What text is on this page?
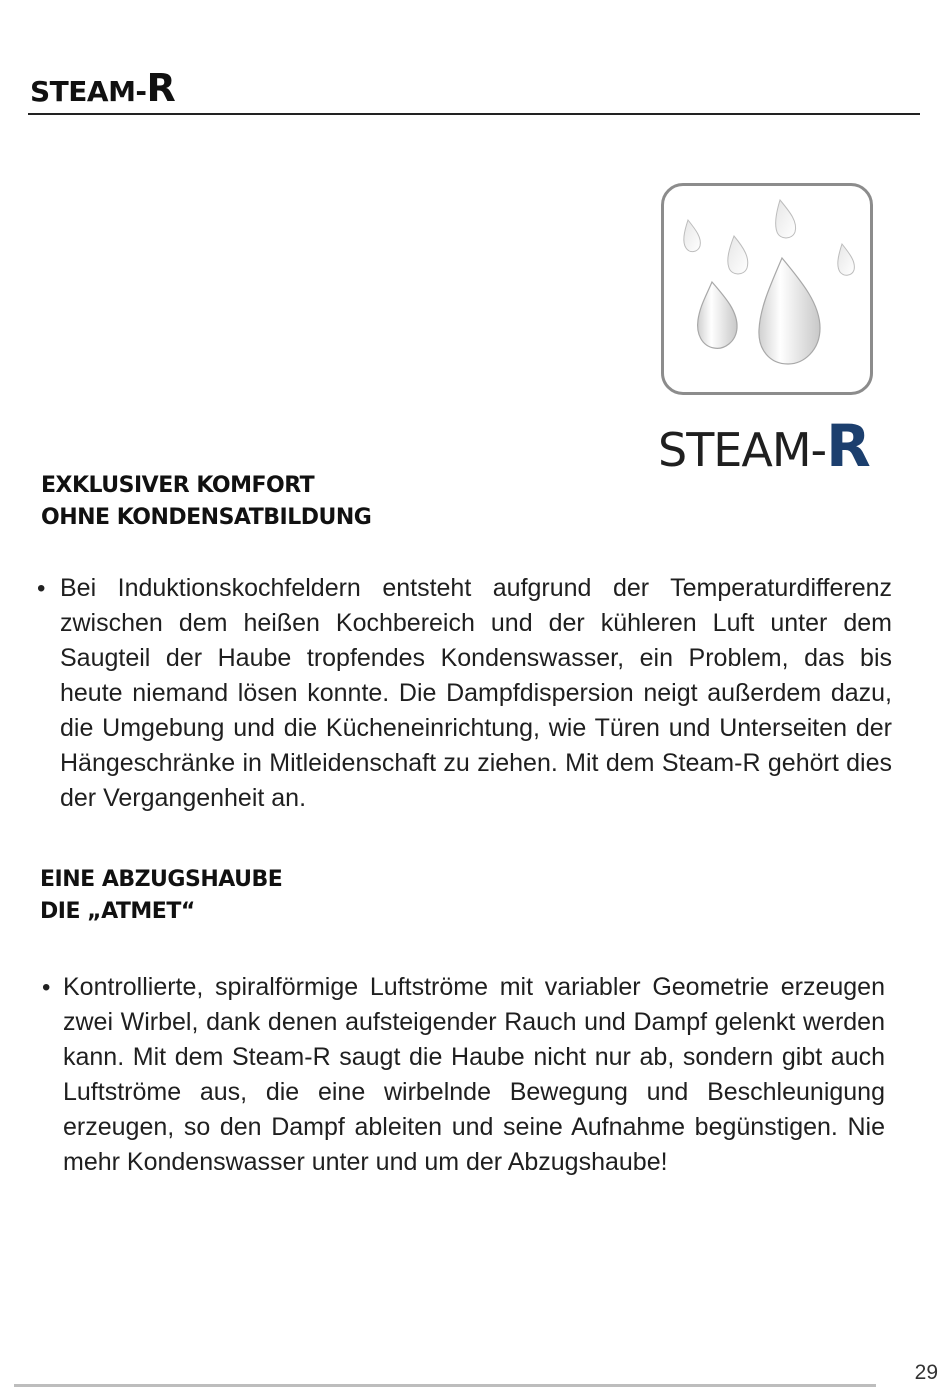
STEAM-R

STEAM-R

EXKLUSIVER KOMFORT
OHNE KONDENSATBILDUNG
• Bei Induktionskochfeldern entsteht aufgrund der Temperaturdifferenz zwischen dem heißen Kochbereich und der kühleren Luft unter dem Saugteil der Haube tropfendes Kondenswasser, ein Problem, das bis heute niemand lösen konnte. Die Dampfdispersion neigt außerdem dazu, die Umgebung und die Kücheneinrichtung, wie Türen und Unterseiten der Hängeschränke in Mitleidenschaft zu ziehen. Mit dem Steam-R gehört dies der Vergangenheit an.

EINE ABZUGSHAUBE
DIE „ATMET“
• Kontrollierte, spiralförmige Luftströme mit variabler Geometrie erzeugen zwei Wirbel, dank denen aufsteigender Rauch und Dampf gelenkt werden kann. Mit dem Steam-R saugt die Haube nicht nur ab, sondern gibt auch Luftströme aus, die eine wirbelnde Bewegung und Beschleunigung erzeugen, so den Dampf ableiten und seine Aufnahme begünstigen. Nie mehr Kondenswasser unter und um der Abzugshaube!

29
